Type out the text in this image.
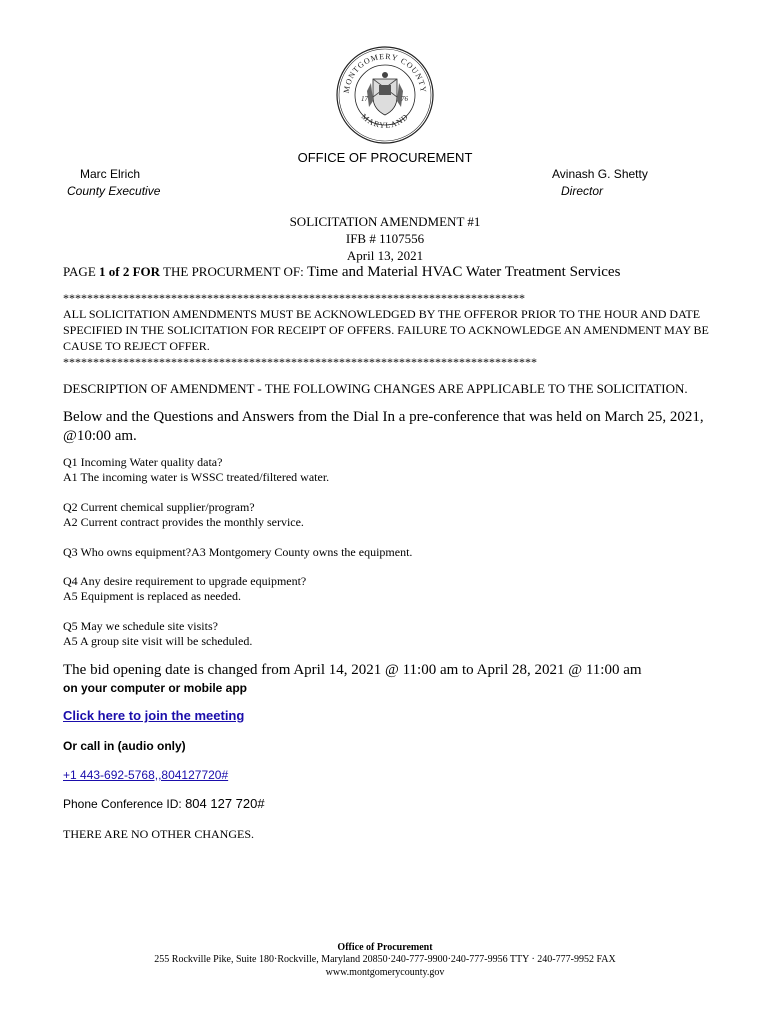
MONTGOMERY COUNTY
MARYLAND
17	76
OFFICE OF PROCUREMENT
Marc Elrich
County Executive
Avinash G. Shetty
Director
SOLICITATION AMENDMENT #1
IFB # 1107556
April 13, 2021
PAGE 1 of 2 FOR THE PROCURMENT OF: Time and Material HVAC Water Treatment Services
*****************************************************************************
ALL SOLICITATION AMENDMENTS MUST BE ACKNOWLEDGED BY THE OFFEROR PRIOR TO THE HOUR AND DATE SPECIFIED IN THE SOLICITATION FOR RECEIPT OF OFFERS. FAILURE TO ACKNOWLEDGE AN AMENDMENT MAY BE CAUSE TO REJECT OFFER.
*******************************************************************************
DESCRIPTION OF AMENDMENT - THE FOLLOWING CHANGES ARE APPLICABLE TO THE SOLICITATION.
Below and the Questions and Answers from the Dial In a pre-conference that was held on March 25, 2021, @10:00 am.
Q1 Incoming Water quality data?
A1 The incoming water is WSSC treated/filtered water.
Q2 Current chemical supplier/program?
A2 Current contract provides the monthly service.
Q3 Who owns equipment?A3 Montgomery County owns the equipment.
Q4 Any desire requirement to upgrade equipment?
A5 Equipment is replaced as needed.
Q5 May we schedule site visits?
A5 A group site visit will be scheduled.
The bid opening date is changed from April 14, 2021 @ 11:00 am to April 28, 2021 @ 11:00 am
on your computer or mobile app
Click here to join the meeting
Or call in (audio only)
+1 443-692-5768,,804127720#
Phone Conference ID: 804 127 720#
THERE ARE NO OTHER CHANGES.
Office of Procurement
255 Rockville Pike, Suite 180·Rockville, Maryland 20850·240-777-9900·240-777-9956 TTY · 240-777-9952 FAX
www.montgomerycounty.gov
